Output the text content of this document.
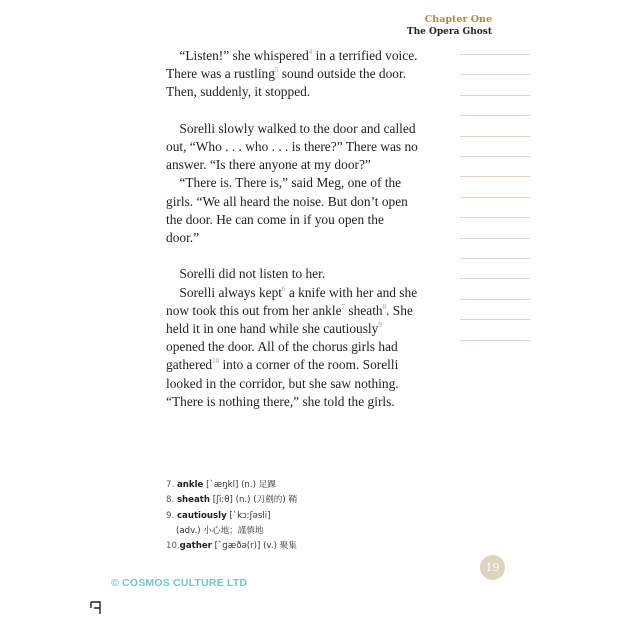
Chapter One
The Opera Ghost

 “Listen!” she whispered$^4$ in a terrified voice.

There was a rustling$^5$ sound outside the door.

Then, suddenly, it stopped.

 Sorelli slowly walked to the door and called

out, “Who . . . who . . . is there?” There was no

answer. “Is there anyone at my door?”

 “There is. There is,” said Meg, one of the

girls. “We all heard the noise. But don’t open

the door. He can come in if you open the

door.”

 Sorelli did not listen to her.

 Sorelli always kept$^6$ a knife with her and she

now took this out from her ankle$^7$ sheath$^8$. She

held it in one hand while she cautiously$^9$

opened the door. All of the chorus girls had

gathered$^{10}$ into a corner of the room. Sorelli

looked in the corridor, but she saw nothing.

“There is nothing there,” she told the girls.

7. ankle [ˋæŋkl] (n.) 足踝
8. sheath [ʃiːθ] (n.) (刀劍的) 鞘
9. cautiously [ˋkɔːʃəsli]
(adv.) 小心地；謹慎地
10.gather [ˋɡæðə(r)] (v.) 聚集
19
© COSMOS CULTURE LTD
